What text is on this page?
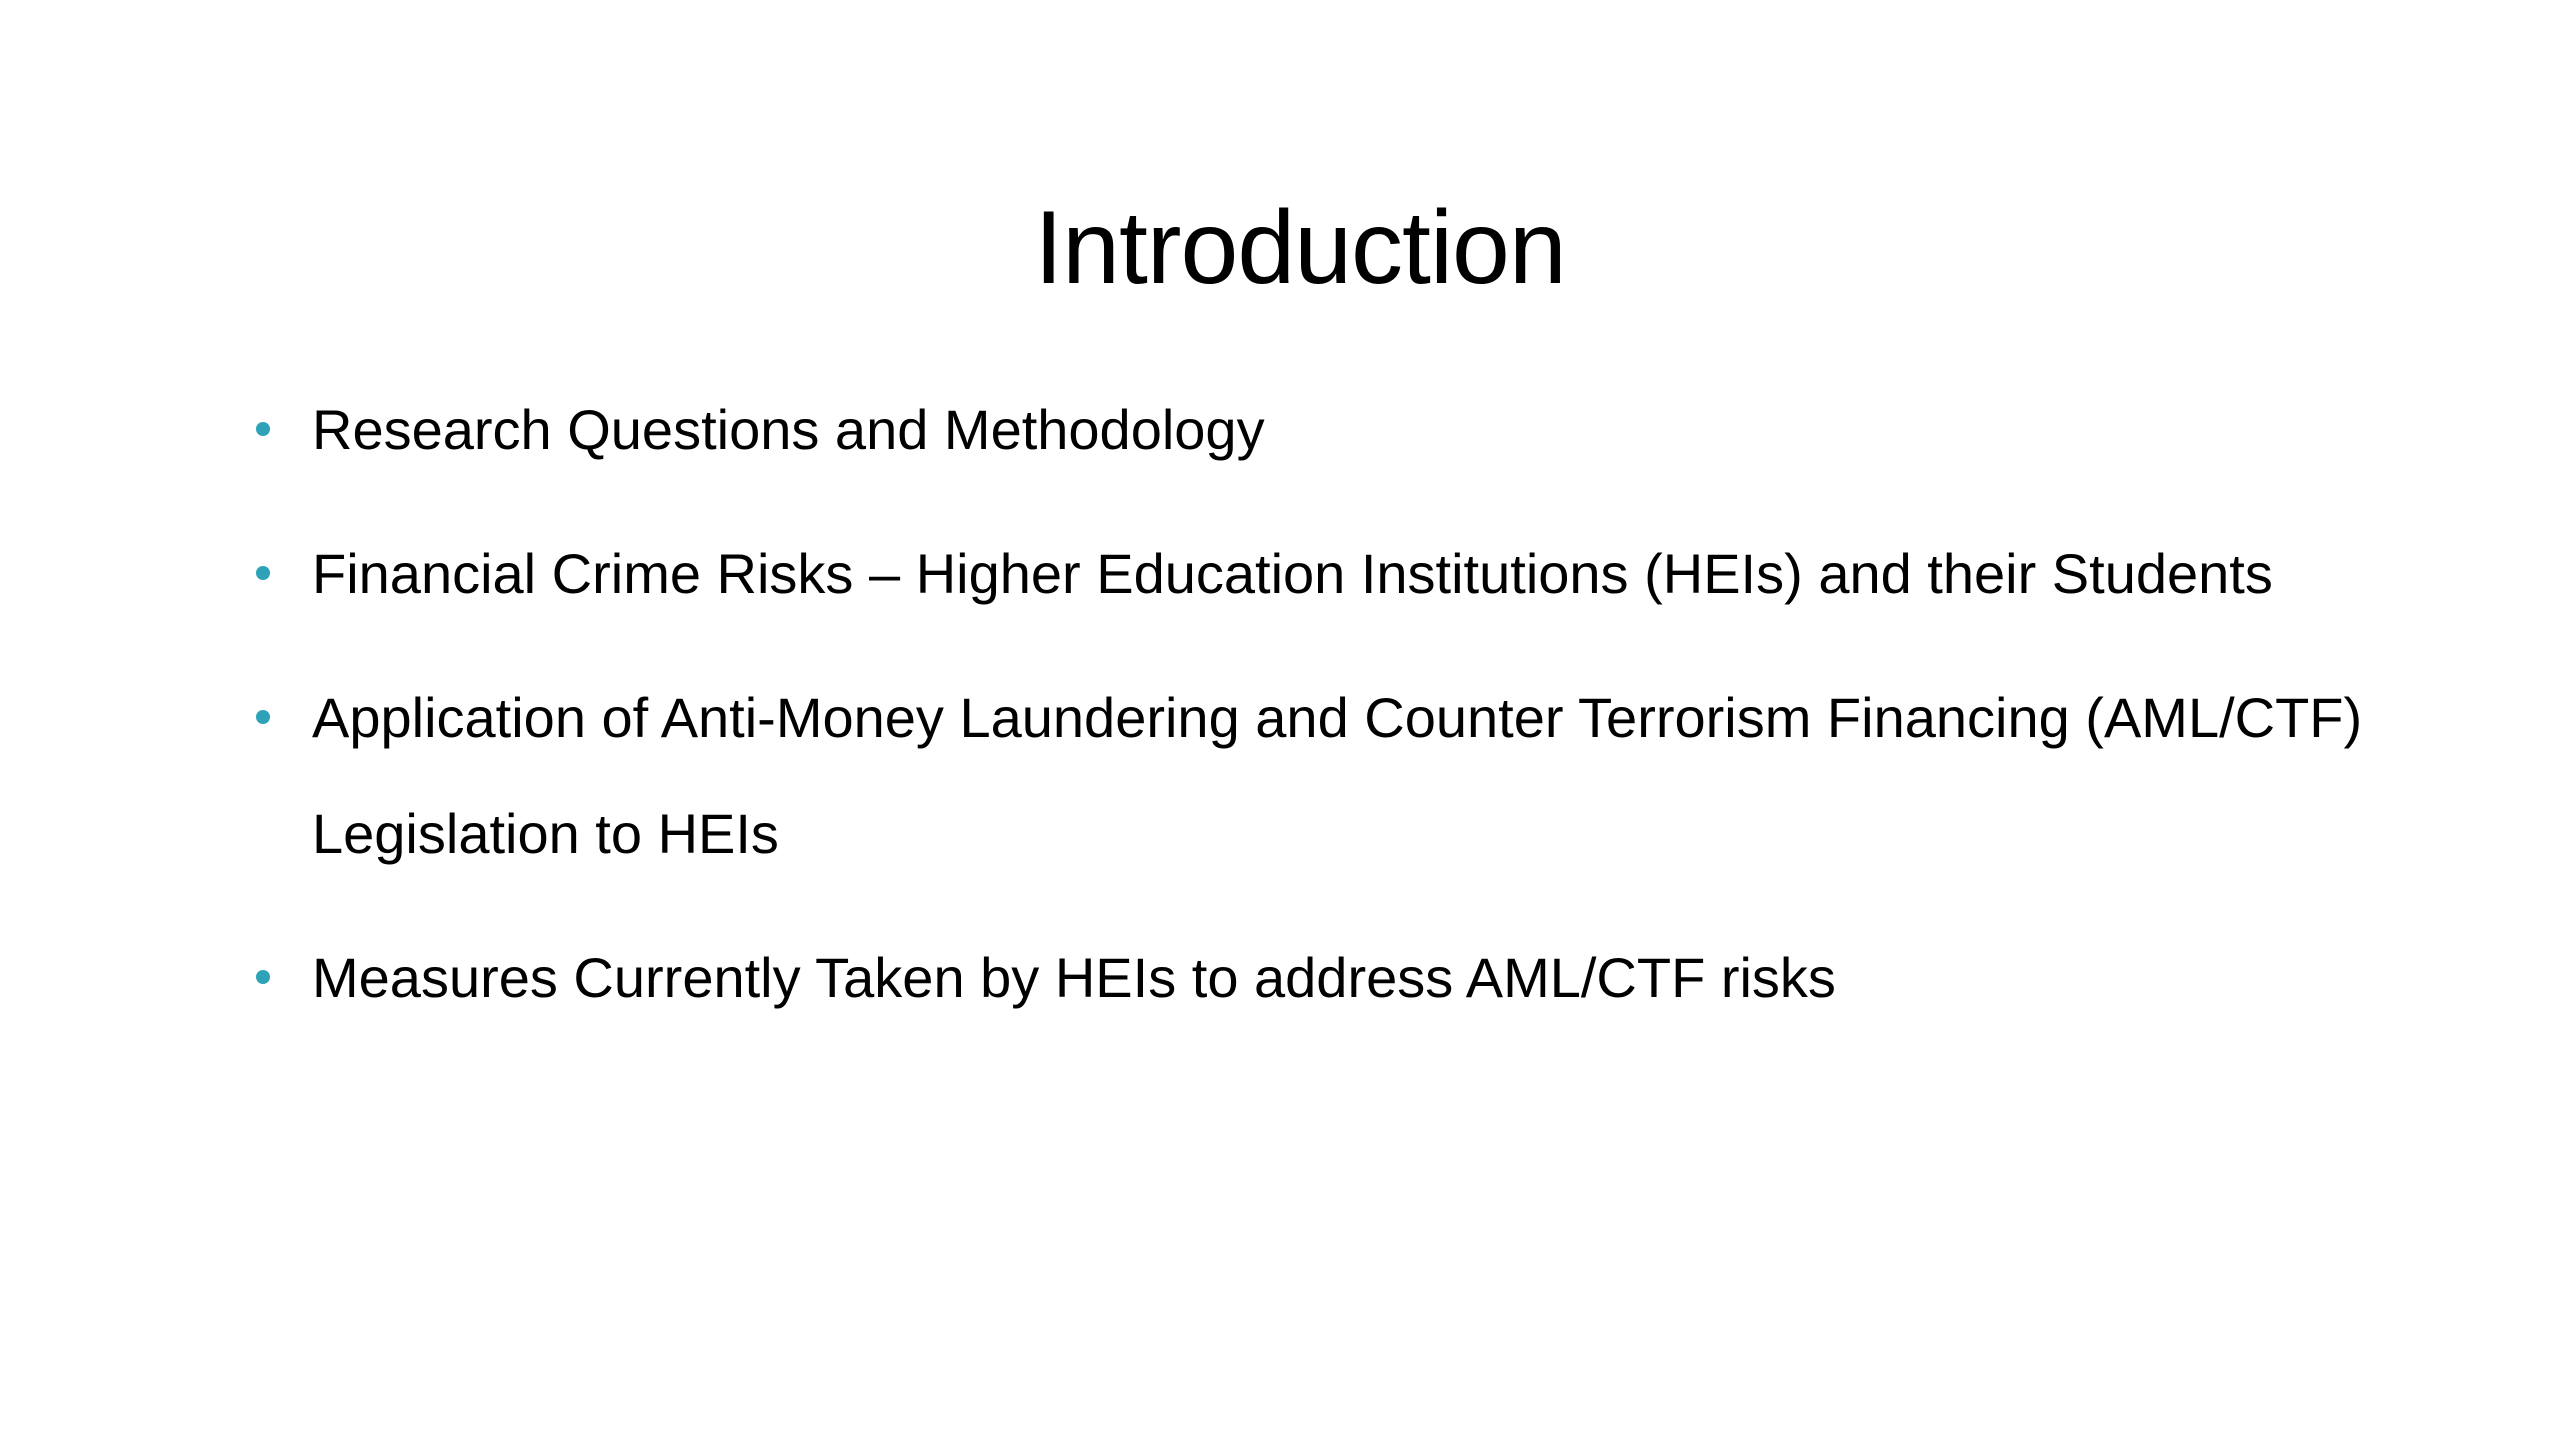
Introduction
Research Questions and Methodology
Financial Crime Risks – Higher Education Institutions (HEIs) and their Students
Application of Anti-Money Laundering and Counter Terrorism Financing (AML/CTF) Legislation to HEIs
Measures Currently Taken by HEIs to address AML/CTF risks
